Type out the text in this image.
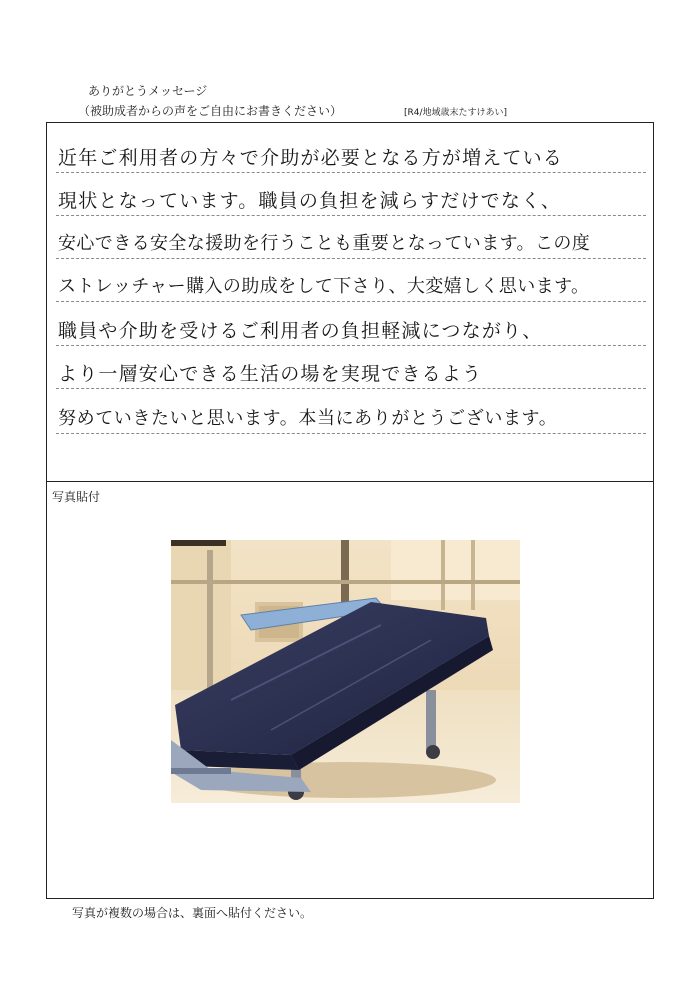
ありがとうメッセージ
（被助成者からの声をご自由にお書きください）	[R4/地域歳末たすけあい]
近年ご利用者の方々で介助が必要となる方が増えている
現状となっています。職員の負担を減らすだけでなく、
安心できる安全な援助を行うことも重要となっています。この度
ストレッチャー購入の助成をして下さり、大変嬉しく思います。
職員や介助を受けるご利用者の負担軽減につながり、
より一層安心できる生活の場を実現できるよう
努めていきたいと思います。本当にありがとうございます。
写真貼付
写真が複数の場合は、裏面へ貼付ください。
